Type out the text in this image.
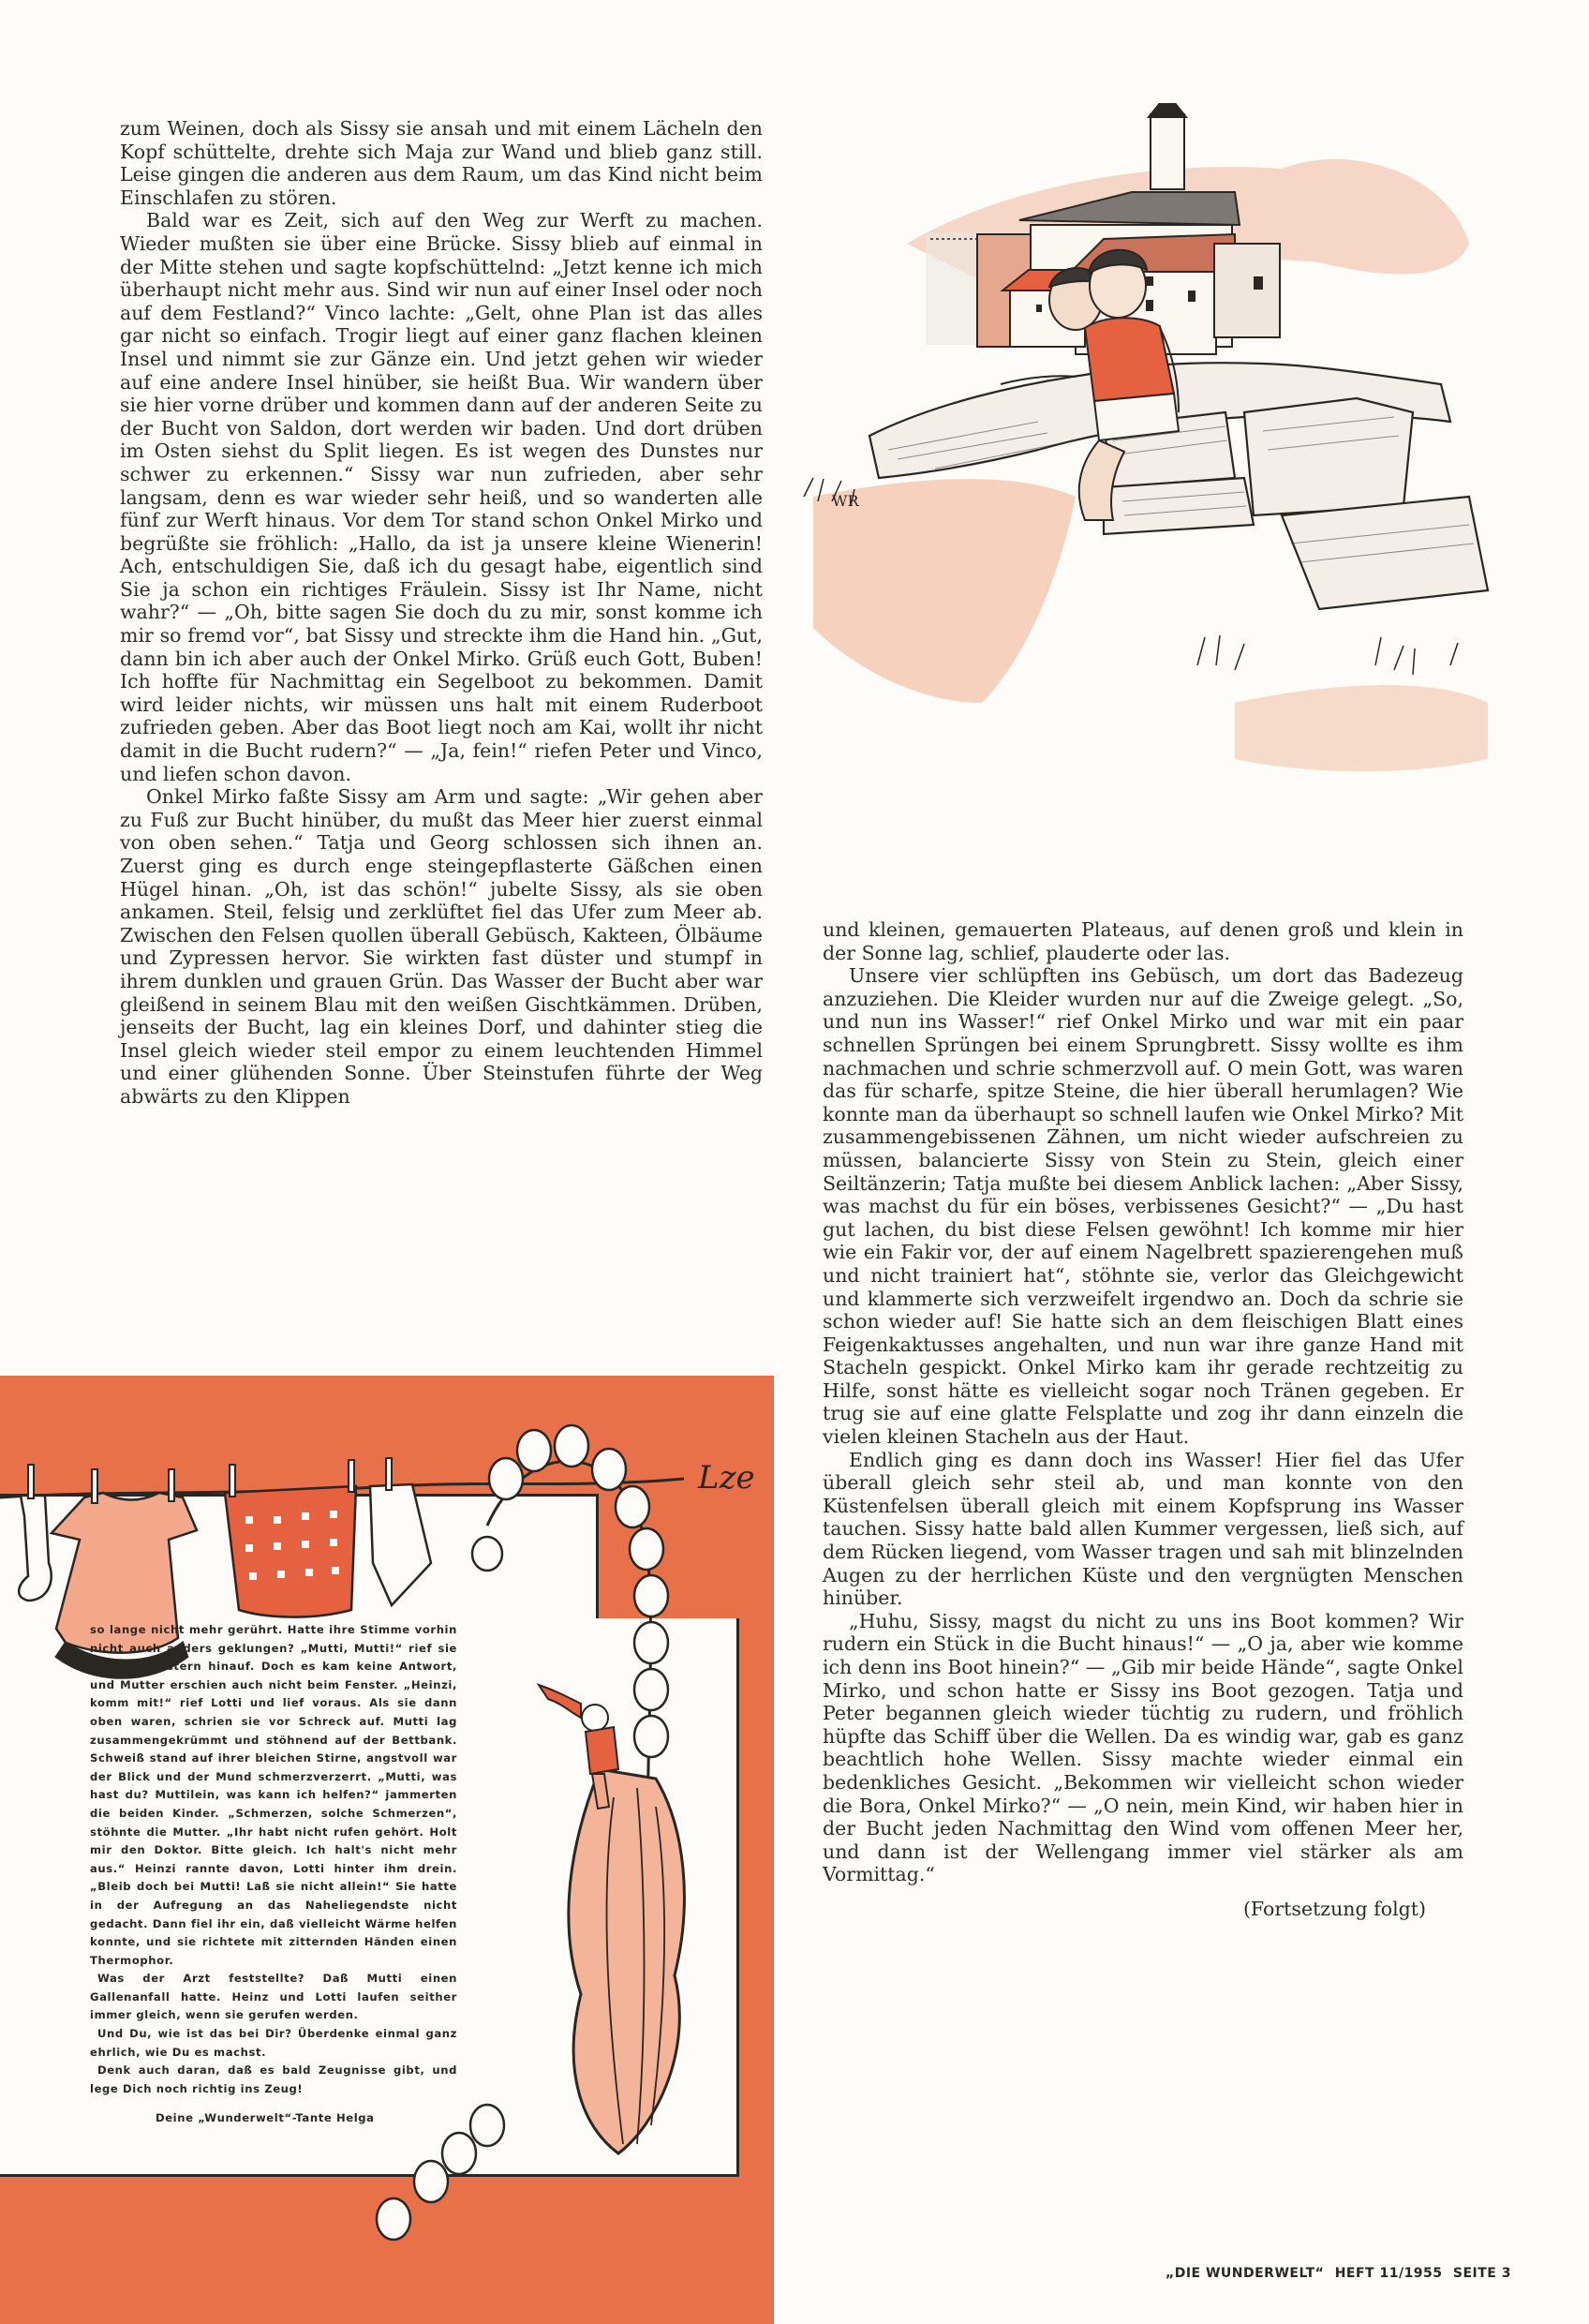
WR

zum Weinen, doch als Sissy sie ansah und mit einem Lächeln den Kopf schüttelte, drehte sich Maja zur Wand und blieb ganz still. Leise gingen die anderen aus dem Raum, um das Kind nicht beim Einschlafen zu stören.

Bald war es Zeit, sich auf den Weg zur Werft zu machen. Wieder mußten sie über eine Brücke. Sissy blieb auf einmal in der Mitte stehen und sagte kopfschüttelnd: „Jetzt kenne ich mich überhaupt nicht mehr aus. Sind wir nun auf einer Insel oder noch auf dem Festland?“ Vinco lachte: „Gelt, ohne Plan ist das alles gar nicht so einfach. Trogir liegt auf einer ganz flachen kleinen Insel und nimmt sie zur Gänze ein. Und jetzt gehen wir wieder auf eine andere Insel hinüber, sie heißt Bua. Wir wandern über sie hier vorne drüber und kommen dann auf der anderen Seite zu der Bucht von Saldon, dort werden wir baden. Und dort drüben im Osten siehst du Split liegen. Es ist wegen des Dunstes nur schwer zu erkennen.“ Sissy war nun zufrieden, aber sehr langsam, denn es war wieder sehr heiß, und so wanderten alle fünf zur Werft hinaus. Vor dem Tor stand schon Onkel Mirko und begrüßte sie fröhlich: „Hallo, da ist ja unsere kleine Wienerin! Ach, entschuldigen Sie, daß ich du gesagt habe, eigentlich sind Sie ja schon ein richtiges Fräulein. Sissy ist Ihr Name, nicht wahr?“ — „Oh, bitte sagen Sie doch du zu mir, sonst komme ich mir so fremd vor“, bat Sissy und streckte ihm die Hand hin. „Gut, dann bin ich aber auch der Onkel Mirko. Grüß euch Gott, Buben! Ich hoffte für Nachmittag ein Segelboot zu bekommen. Damit wird leider nichts, wir müssen uns halt mit einem Ruderboot zufrieden geben. Aber das Boot liegt noch am Kai, wollt ihr nicht damit in die Bucht rudern?“ — „Ja, fein!“ riefen Peter und Vinco, und liefen schon davon.

Onkel Mirko faßte Sissy am Arm und sagte: „Wir gehen aber zu Fuß zur Bucht hinüber, du mußt das Meer hier zuerst einmal von oben sehen.“ Tatja und Georg schlossen sich ihnen an. Zuerst ging es durch enge steingepflasterte Gäßchen einen Hügel hinan. „Oh, ist das schön!“ jubelte Sissy, als sie oben ankamen. Steil, felsig und zerklüftet fiel das Ufer zum Meer ab. Zwischen den Felsen quollen überall Gebüsch, Kakteen, Ölbäume und Zypressen hervor. Sie wirkten fast düster und stumpf in ihrem dunklen und grauen Grün. Das Wasser der Bucht aber war gleißend in seinem Blau mit den weißen Gischtkämmen. Drüben, jenseits der Bucht, lag ein kleines Dorf, und dahinter stieg die Insel gleich wieder steil empor zu einem leuchtenden Himmel und einer glühenden Sonne. Über Steinstufen führte der Weg abwärts zu den Klippen

und kleinen, gemauerten Plateaus, auf denen groß und klein in der Sonne lag, schlief, plauderte oder las.

Unsere vier schlüpften ins Gebüsch, um dort das Badezeug anzuziehen. Die Kleider wurden nur auf die Zweige gelegt. „So, und nun ins Wasser!“ rief Onkel Mirko und war mit ein paar schnellen Sprüngen bei einem Sprungbrett. Sissy wollte es ihm nachmachen und schrie schmerzvoll auf. O mein Gott, was waren das für scharfe, spitze Steine, die hier überall herumlagen? Wie konnte man da überhaupt so schnell laufen wie Onkel Mirko? Mit zusammengebissenen Zähnen, um nicht wieder aufschreien zu müssen, balancierte Sissy von Stein zu Stein, gleich einer Seiltänzerin; Tatja mußte bei diesem Anblick lachen: „Aber Sissy, was machst du für ein böses, verbissenes Gesicht?“ — „Du hast gut lachen, du bist diese Felsen gewöhnt! Ich komme mir hier wie ein Fakir vor, der auf einem Nagelbrett spazierengehen muß und nicht trainiert hat“, stöhnte sie, verlor das Gleichgewicht und klammerte sich verzweifelt irgendwo an. Doch da schrie sie schon wieder auf! Sie hatte sich an dem fleischigen Blatt eines Feigenkaktusses angehalten, und nun war ihre ganze Hand mit Stacheln gespickt. Onkel Mirko kam ihr gerade rechtzeitig zu Hilfe, sonst hätte es vielleicht sogar noch Tränen gegeben. Er trug sie auf eine glatte Felsplatte und zog ihr dann einzeln die vielen kleinen Stacheln aus der Haut.

Endlich ging es dann doch ins Wasser! Hier fiel das Ufer überall gleich sehr steil ab, und man konnte von den Küstenfelsen überall gleich mit einem Kopfsprung ins Wasser tauchen. Sissy hatte bald allen Kummer vergessen, ließ sich, auf dem Rücken liegend, vom Wasser tragen und sah mit blinzelnden Augen zu der herrlichen Küste und den vergnügten Menschen hinüber.

„Huhu, Sissy, magst du nicht zu uns ins Boot kommen? Wir rudern ein Stück in die Bucht hinaus!“ — „O ja, aber wie komme ich denn ins Boot hinein?“ — „Gib mir beide Hände“, sagte Onkel Mirko, und schon hatte er Sissy ins Boot gezogen. Tatja und Peter begannen gleich wieder tüchtig zu rudern, und fröhlich hüpfte das Schiff über die Wellen. Da es windig war, gab es ganz beachtlich hohe Wellen. Sissy machte wieder einmal ein bedenkliches Gesicht. „Bekommen wir vielleicht schon wieder die Bora, Onkel Mirko?“ — „O nein, mein Kind, wir haben hier in der Bucht jeden Nachmittag den Wind vom offenen Meer her, und dann ist der Wellengang immer viel stärker als am Vormittag.“

(Fortsetzung folgt)

Lze

so lange nicht mehr gerührt. Hatte ihre Stimme vorhin nicht auch anders geklungen? „Mutti, Mutti!“ rief sie zu den Fenstern hinauf. Doch es kam keine Antwort, und Mutter erschien auch nicht beim Fenster. „Heinzi, komm mit!“ rief Lotti und lief voraus. Als sie dann oben waren, schrien sie vor Schreck auf. Mutti lag zusammengekrümmt und stöhnend auf der Bettbank. Schweiß stand auf ihrer bleichen Stirne, angstvoll war der Blick und der Mund schmerzverzerrt. „Mutti, was hast du? Muttilein, was kann ich helfen?“ jammerten die beiden Kinder. „Schmerzen, solche Schmerzen“, stöhnte die Mutter. „Ihr habt nicht rufen gehört. Holt mir den Doktor. Bitte gleich. Ich halt's nicht mehr aus.“ Heinzi rannte davon, Lotti hinter ihm drein. „Bleib doch bei Mutti! Laß sie nicht allein!“ Sie hatte in der Aufregung an das Naheliegendste nicht gedacht. Dann fiel ihr ein, daß vielleicht Wärme helfen konnte, und sie richtete mit zitternden Händen einen Thermophor.

Was der Arzt feststellte? Daß Mutti einen Gallenanfall hatte. Heinz und Lotti laufen seither immer gleich, wenn sie gerufen werden.

Und Du, wie ist das bei Dir? Überdenke einmal ganz ehrlich, wie Du es machst.

Denk auch daran, daß es bald Zeugnisse gibt, und lege Dich noch richtig ins Zeug!

Deine „Wunderwelt“-Tante Helga

„DIE WUNDERWELT“ HEFT 11/1955 SEITE 3
